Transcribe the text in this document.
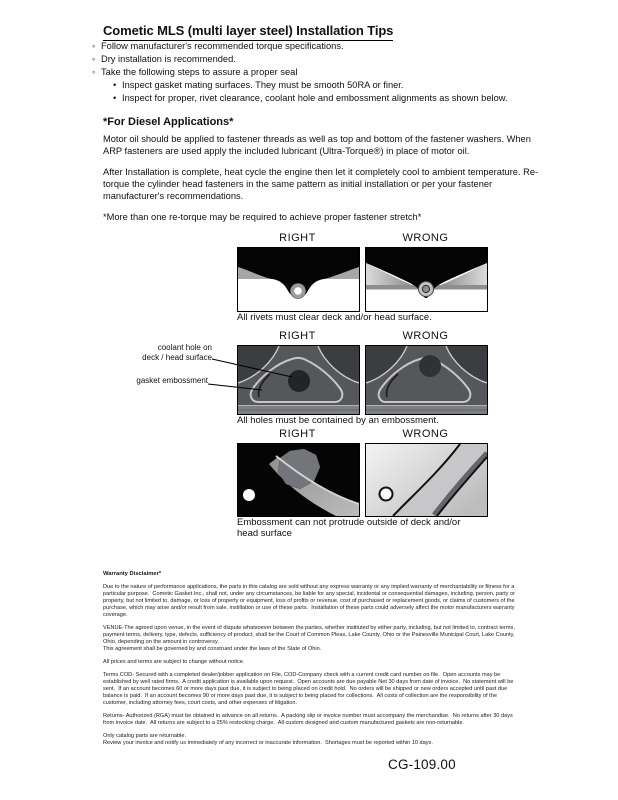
Cometic MLS (multi layer steel) Installation Tips
◦ Follow manufacturer's recommended torque specifications.
◦ Dry installation is recommended.
◦ Take the following steps to assure a proper seal
• Inspect gasket mating surfaces. They must be smooth 50RA or finer.
• Inspect for proper, rivet clearance, coolant hole and embossment alignments as shown below.
*For Diesel Applications*

Motor oil should be applied to fastener threads as well as top and bottom of the fastener washers. When ARP fasteners are used apply the included lubricant (Ultra-Torque®) in place of motor oil.

After Installation is complete, heat cycle the engine then let it completely cool to ambient temperature. Re-torque the cylinder head fasteners in the same pattern as initial installation or per your fastener manufacturer's recommendations.

*More than one re-torque may be required to achieve proper fastener stretch*

RIGHT	WRONG
All rivets must clear deck and/or head surface.
RIGHT	WRONG
coolant hole on
deck / head surface
gasket embossment
All holes must be contained by an embossment.
RIGHT	WRONG
Embossment can not protrude outside of deck and/or head surface

Warranty Disclaimer*

Due to the nature of performance applications, the parts in this catalog are sold without any express warranty or any implied warranty of merchantability or fitness for a particular purpose.  Cometic Gasket Inc., shall not, under any circumstances, be liable for any special, incidental or consequential damages, including, person, party or property, but not limited to, damage, or loss of property or equipment, loss of profits or revenue, cost of purchased or replacement goods, or claims of customers of the purchase, which may arise and/or result from sale, instillation or use of these parts.  Installation of these parts could adversely affect the motor manufacturers warranty coverage.

VENUE-The agreed upon venue, in the event of dispute whatsoever between the parties, whether instituted by either party, including, but not limited to, contract terms, payment terms, delivery, type, defects, sufficiency of product, shall be the Court of Common Pleas, Lake County, Ohio or the Painesville Municipal Court, Lake County, Ohio, depending on the amount in controversy.

This agreement shall be governed by and construed under the laws of the State of Ohio.

All prices and terms are subject to change without notice.

Terms COD- Secured with a completed dealer/jobber application on File, COD-Company check with a current credit card number on file.  Open accounts may be established by well rated firms.  A credit application is available upon request.  Open accounts are due payable Net 30 days from date of invoice.  No statement will be sent.  If an account becomes 60 or more days past due, it is subject to being placed on credit hold.  No orders will be shipped or new orders accepted until past due balance is paid.  If an account becomes 90 or more days past due, it is subject to being placed for collections.  All costs of collection are the responsibility of the customer, including attorney fees, court costs, and other expenses of litigation.

Returns- Authorized (RGA) must be obtained in advance on all returns.  A packing slip or invoice number must accompany the merchandise.  No returns after 30 days from invoice date.  All returns are subject to a 25% restocking charge.  All custom designed and custom manufactured gaskets are non-returnable.

Only catalog parts are returnable.

Review your invoice and notify us immediately of any incorrect or inaccurate information.  Shortages must be reported within 10 days.

CG-109.00
